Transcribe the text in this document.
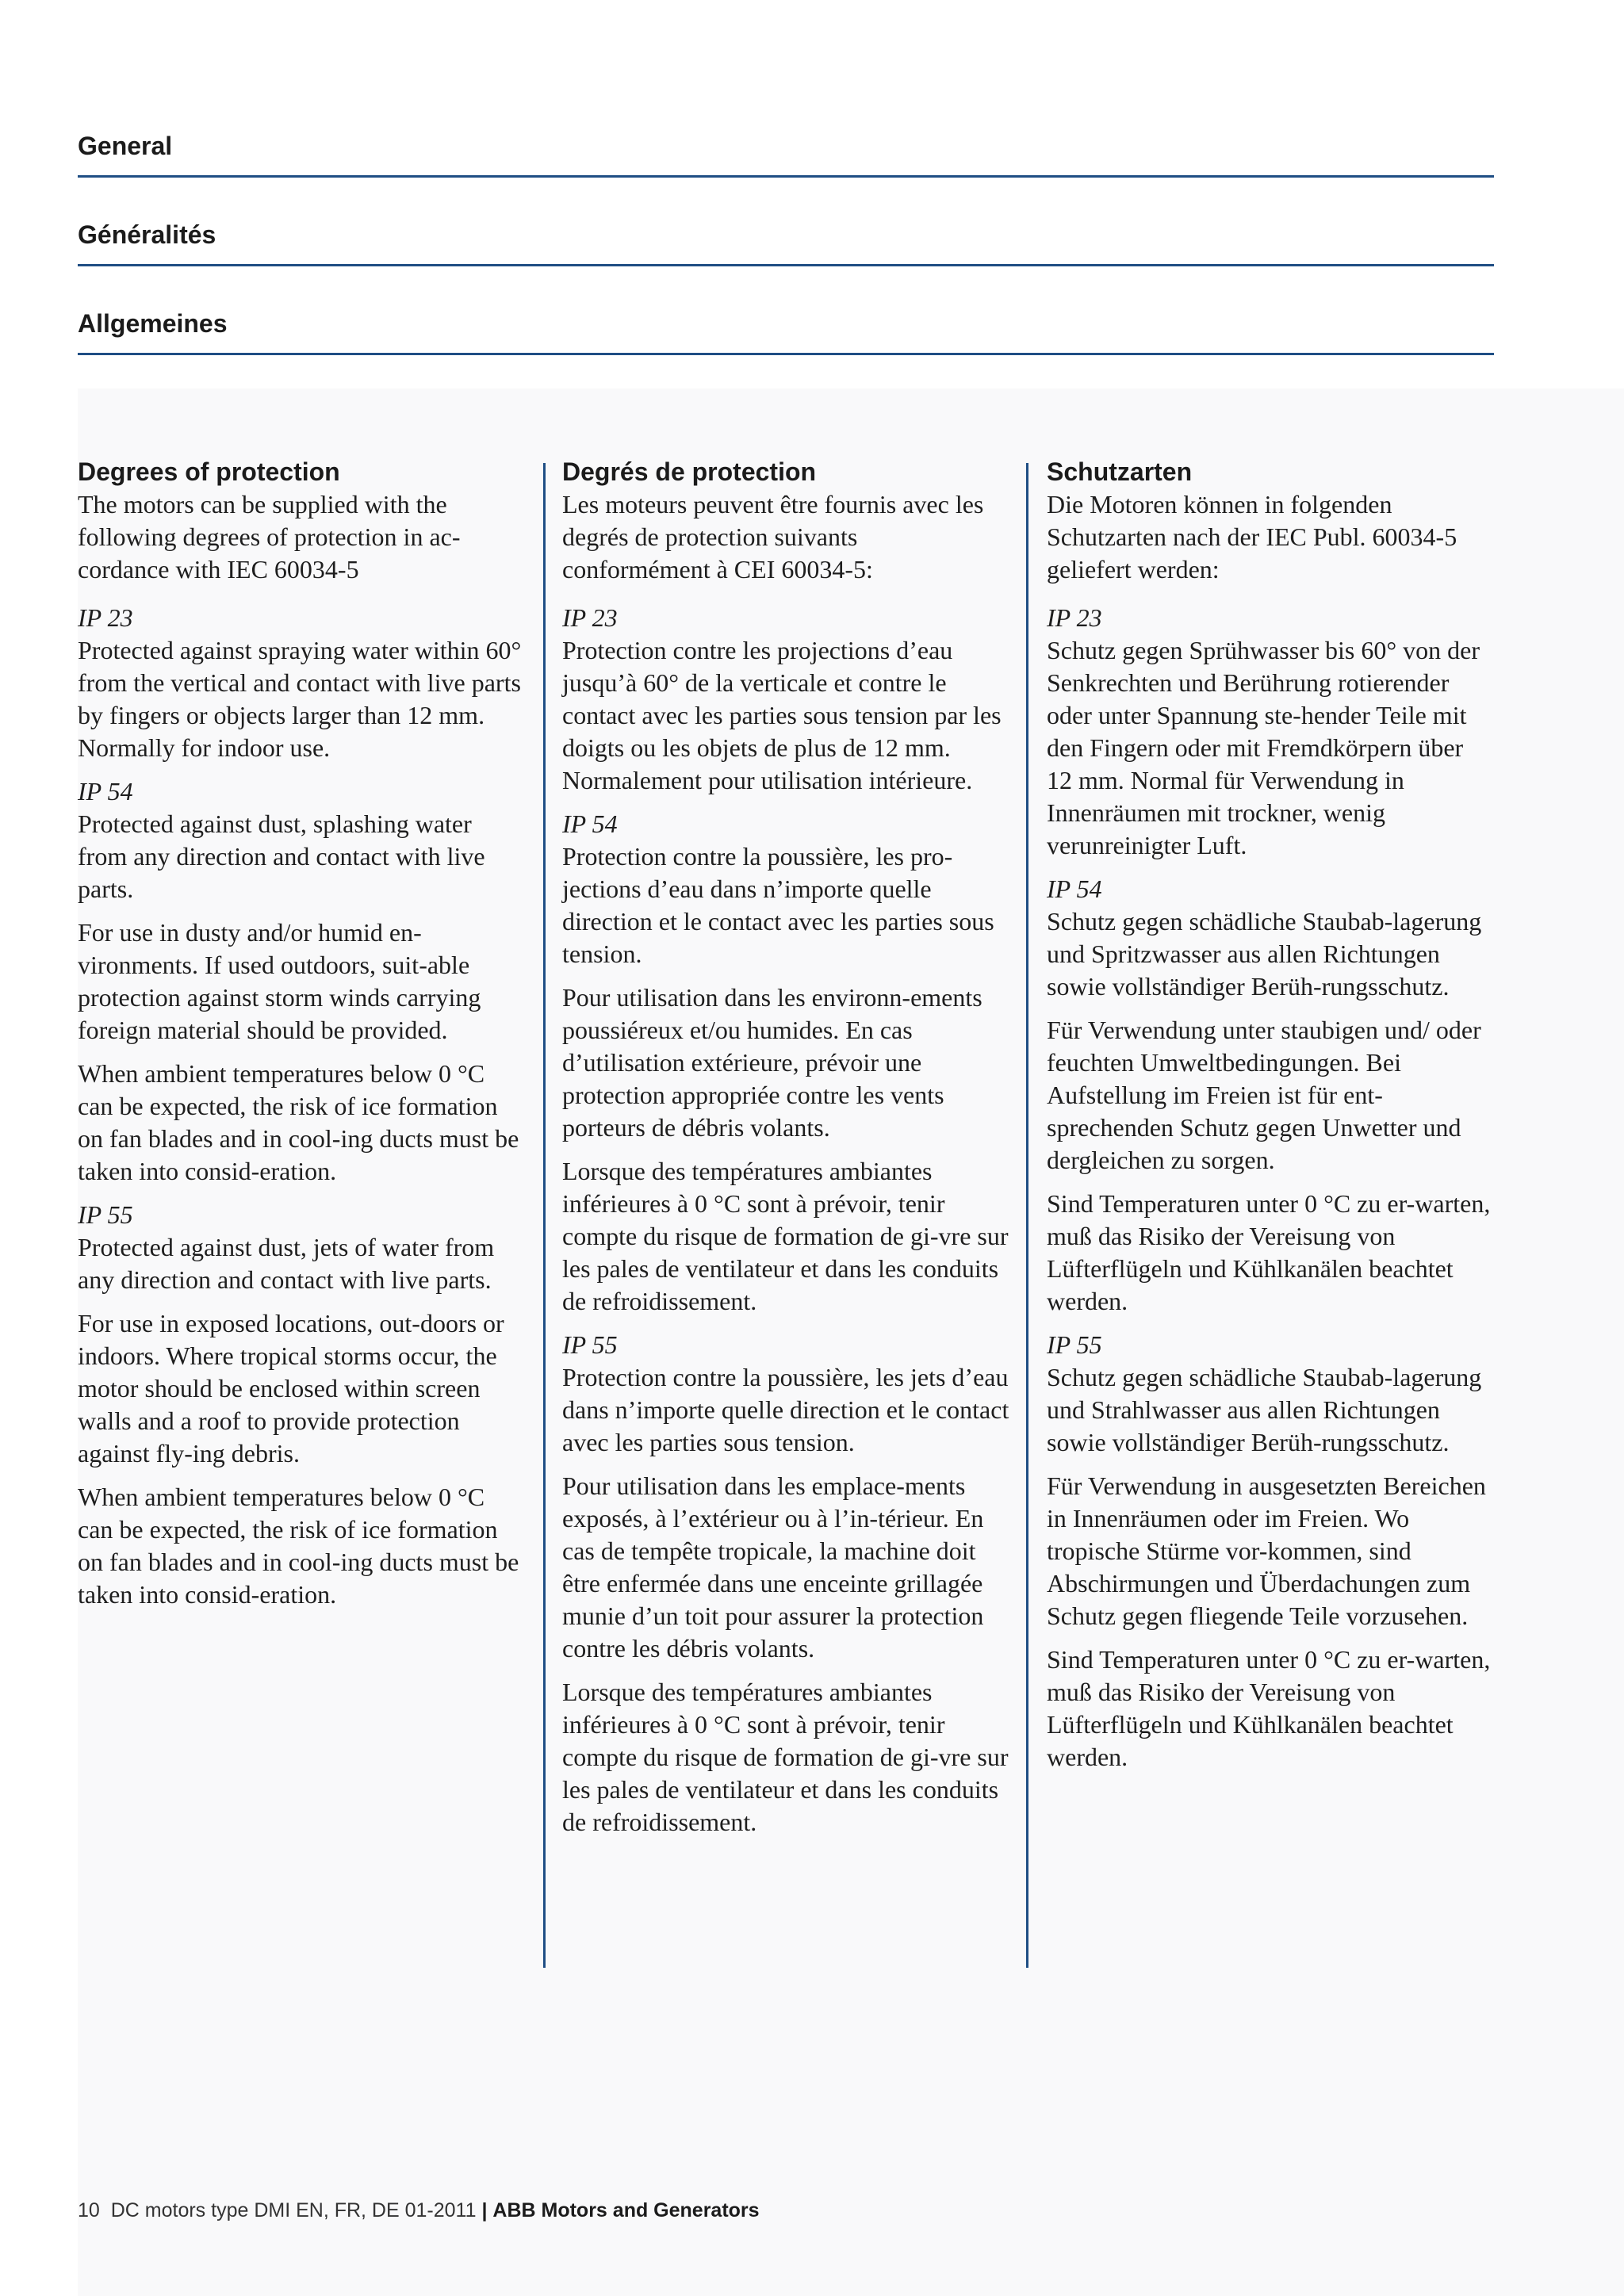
General
Généralités
Allgemeines
Degrees of protection

The motors can be supplied with the following degrees of protection in ac-cordance with IEC 60034-5

IP 23

Protected against spraying water within 60° from the vertical and contact with live parts by fingers or objects larger than 12 mm. Normally for indoor use.

IP 54

Protected against dust, splashing water from any direction and contact with live parts.

For use in dusty and/or humid en-vironments. If used outdoors, suit-able protection against storm winds carrying foreign material should be provided.

When ambient temperatures below 0 °C can be expected, the risk of ice formation on fan blades and in cool-ing ducts must be taken into consid-eration.

IP 55

Protected against dust, jets of water from any direction and contact with live parts.

For use in exposed locations, out-doors or indoors. Where tropical storms occur, the motor should be enclosed within screen walls and a roof to provide protection against fly-ing debris.

When ambient temperatures below 0 °C can be expected, the risk of ice formation on fan blades and in cool-ing ducts must be taken into consid-eration.

Degrés de protection

Les moteurs peuvent être fournis avec les degrés de protection suivants conformément à CEI 60034-5:

IP 23

Protection contre les projections d’eau jusqu’à 60° de la verticale et contre le contact avec les parties sous tension par les doigts ou les objets de plus de 12 mm. Normalement pour utilisation intérieure.

IP 54

Protection contre la poussière, les pro-jections d’eau dans n’importe quelle direction et le contact avec les parties sous tension.

Pour utilisation dans les environn-ements poussiéreux et/ou humides. En cas d’utilisation extérieure, prévoir une protection appropriée contre les vents porteurs de débris volants.

Lorsque des températures ambiantes inférieures à 0 °C sont à prévoir, tenir compte du risque de formation de gi-vre sur les pales de ventilateur et dans les conduits de refroidissement.

IP 55

Protection contre la poussière, les jets d’eau dans n’importe quelle direction et le contact avec les parties sous tension.

Pour utilisation dans les emplace-ments exposés, à l’extérieur ou à l’in-térieur. En cas de tempête tropicale, la machine doit être enfermée dans une enceinte grillagée munie d’un toit pour assurer la protection contre les débris volants.

Lorsque des températures ambiantes inférieures à 0 °C sont à prévoir, tenir compte du risque de formation de gi-vre sur les pales de ventilateur et dans les conduits de refroidissement.

Schutzarten

Die Motoren können in folgenden Schutzarten nach der IEC Publ. 60034-5 geliefert werden:

IP 23

Schutz gegen Sprühwasser bis 60° von der Senkrechten und Berührung rotierender oder unter Spannung ste-hender Teile mit den Fingern oder mit Fremdkörpern über 12 mm. Normal für Verwendung in Innenräumen mit trockner, wenig verunreinigter Luft.

IP 54

Schutz gegen schädliche Staubab-lagerung und Spritzwasser aus allen Richtungen sowie vollständiger Berüh-rungsschutz.

Für Verwendung unter staubigen und/ oder feuchten Umweltbedingungen. Bei Aufstellung im Freien ist für ent-sprechenden Schutz gegen Unwetter und dergleichen zu sorgen.

Sind Temperaturen unter 0 °C zu er-warten, muß das Risiko der Vereisung von Lüfterflügeln und Kühlkanälen beachtet werden.

IP 55

Schutz gegen schädliche Staubab-lagerung und Strahlwasser aus allen Richtungen sowie vollständiger Berüh-rungsschutz.

Für Verwendung in ausgesetzten Bereichen in Innenräumen oder im Freien. Wo tropische Stürme vor-kommen, sind Abschirmungen und Überdachungen zum Schutz gegen fliegende Teile vorzusehen.

Sind Temperaturen unter 0 °C zu er-warten, muß das Risiko der Vereisung von Lüfterflügeln und Kühlkanälen beachtet werden.

10 DC motors type DMI EN, FR, DE 01-2011 | ABB Motors and Generators
